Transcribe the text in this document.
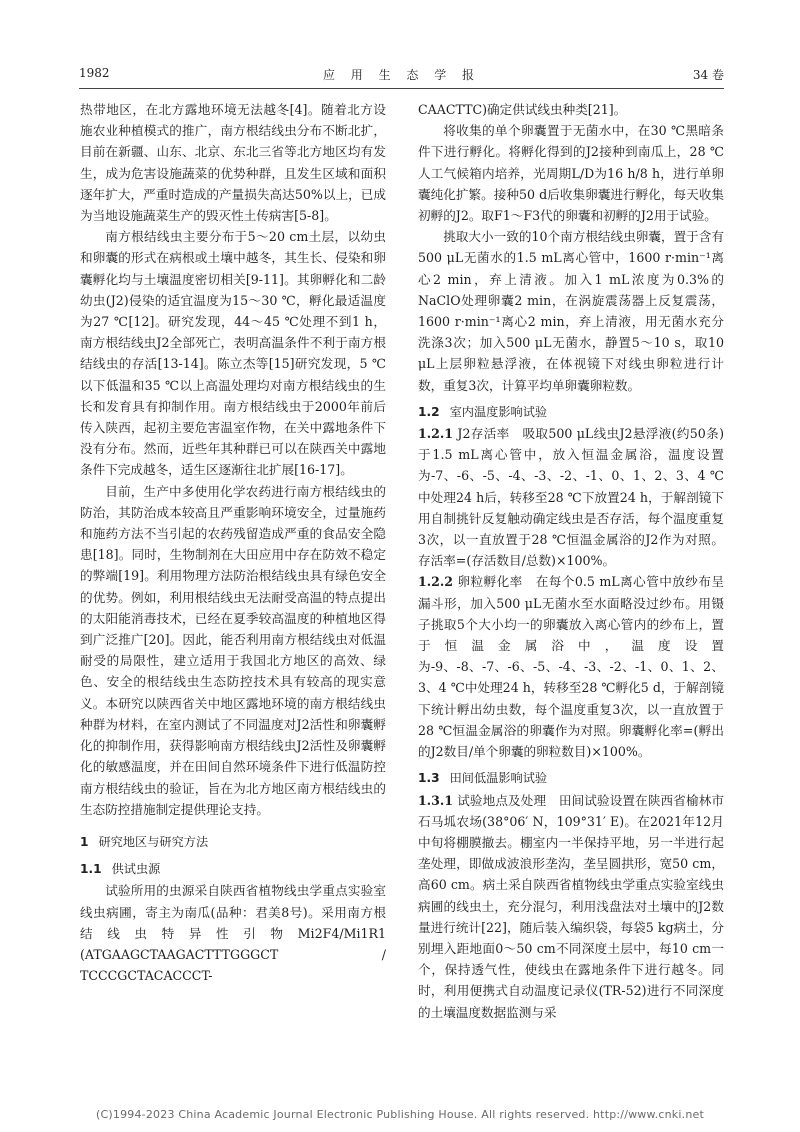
1982	应 用 生 态 学 报	34 卷

热带地区，在北方露地环境无法越冬[4]。随着北方设施农业种植模式的推广，南方根结线虫分布不断北扩，目前在新疆、山东、北京、东北三省等北方地区均有发生，成为危害设施蔬菜的优势种群，且发生区域和面积逐年扩大，严重时造成的产量损失高达50%以上，已成为当地设施蔬菜生产的毁灭性土传病害[5-8]。

南方根结线虫主要分布于5～20 cm土层，以幼虫和卵囊的形式在病根或土壤中越冬，其生长、侵染和卵囊孵化均与土壤温度密切相关[9-11]。其卵孵化和二龄幼虫(J2)侵染的适宜温度为15～30 ℃，孵化最适温度为27 ℃[12]。研究发现，44～45 ℃处理不到1 h，南方根结线虫J2全部死亡，表明高温条件不利于南方根结线虫的存活[13-14]。陈立杰等[15]研究发现，5 ℃以下低温和35 ℃以上高温处理均对南方根结线虫的生长和发育具有抑制作用。南方根结线虫于2000年前后传入陕西，起初主要危害温室作物，在关中露地条件下没有分布。然而，近些年其种群已可以在陕西关中露地条件下完成越冬，适生区逐渐往北扩展[16-17]。

目前，生产中多使用化学农药进行南方根结线虫的防治，其防治成本较高且严重影响环境安全，过量施药和施药方法不当引起的农药残留造成严重的食品安全隐患[18]。同时，生物制剂在大田应用中存在防效不稳定的弊端[19]。利用物理方法防治根结线虫具有绿色安全的优势。例如，利用根结线虫无法耐受高温的特点提出的太阳能消毒技术，已经在夏季较高温度的种植地区得到广泛推广[20]。因此，能否利用南方根结线虫对低温耐受的局限性，建立适用于我国北方地区的高效、绿色、安全的根结线虫生态防控技术具有较高的现实意义。本研究以陕西省关中地区露地环境的南方根结线虫种群为材料，在室内测试了不同温度对J2活性和卵囊孵化的抑制作用，获得影响南方根结线虫J2活性及卵囊孵化的敏感温度，并在田间自然环境条件下进行低温防控南方根结线虫的验证，旨在为北方地区南方根结线虫的生态防控措施制定提供理论支持。

1 研究地区与研究方法

1.1 供试虫源

试验所用的虫源采自陕西省植物线虫学重点实验室线虫病圃，寄主为南瓜(品种：君美8号)。采用南方根结线虫特异性引物Mi2F4/Mi1R1 (ATGAAGCTAAGACTTTGGGCT / TCCCGCTACACCCT-

CAACTTC)确定供试线虫种类[21]。

将收集的单个卵囊置于无菌水中，在30 ℃黑暗条件下进行孵化。将孵化得到的J2接种到南瓜上，28 ℃人工气候箱内培养，光周期L/D为16 h/8 h，进行单卵囊纯化扩繁。接种50 d后收集卵囊进行孵化，每天收集初孵的J2。取F1～F3代的卵囊和初孵的J2用于试验。

挑取大小一致的10个南方根结线虫卵囊，置于含有500 μL无菌水的1.5 mL离心管中，1600 r·min⁻¹离心2 min，弃上清液。加入1 mL浓度为0.3%的NaClO处理卵囊2 min，在涡旋震荡器上反复震荡，1600 r·min⁻¹离心2 min，弃上清液，用无菌水充分洗涤3次；加入500 μL无菌水，静置5～10 s，取10 μL上层卵粒悬浮液，在体视镜下对线虫卵粒进行计数，重复3次，计算平均单卵囊卵粒数。

1.2 室内温度影响试验

1.2.1 J2存活率　吸取500 μL线虫J2悬浮液(约50条)于1.5 mL离心管中，放入恒温金属浴，温度设置为-7、-6、-5、-4、-3、-2、-1、0、1、2、3、4 ℃中处理24 h后，转移至28 ℃下放置24 h，于解剖镜下用自制挑针反复触动确定线虫是否存活，每个温度重复3次，以一直放置于28 ℃恒温金属浴的J2作为对照。存活率=(存活数目/总数)×100%。

1.2.2 卵粒孵化率　在每个0.5 mL离心管中放纱布呈漏斗形，加入500 μL无菌水至水面略没过纱布。用镊子挑取5个大小均一的卵囊放入离心管内的纱布上，置于恒温金属浴中，温度设置为-9、-8、-7、-6、-5、-4、-3、-2、-1、0、1、2、3、4 ℃中处理24 h，转移至28 ℃孵化5 d，于解剖镜下统计孵出幼虫数，每个温度重复3次，以一直放置于28 ℃恒温金属浴的卵囊作为对照。卵囊孵化率=(孵出的J2数目/单个卵囊的卵粒数目)×100%。

1.3 田间低温影响试验

1.3.1 试验地点及处理　田间试验设置在陕西省榆林市石马坬农场(38°06′ N，109°31′ E)。在2021年12月中旬将棚膜撤去。棚室内一半保持平地，另一半进行起垄处理，即做成波浪形垄沟，垄呈圆拱形，宽50 cm，高60 cm。病土采自陕西省植物线虫学重点实验室线虫病圃的线虫土，充分混匀，利用浅盘法对土壤中的J2数量进行统计[22]，随后装入编织袋，每袋5 kg病土，分别埋入距地面0～50 cm不同深度土层中，每10 cm一个，保持透气性，使线虫在露地条件下进行越冬。同时，利用便携式自动温度记录仪(TR-52)进行不同深度的土壤温度数据监测与采

(C)1994-2023 China Academic Journal Electronic Publishing House. All rights reserved. http://www.cnki.net
